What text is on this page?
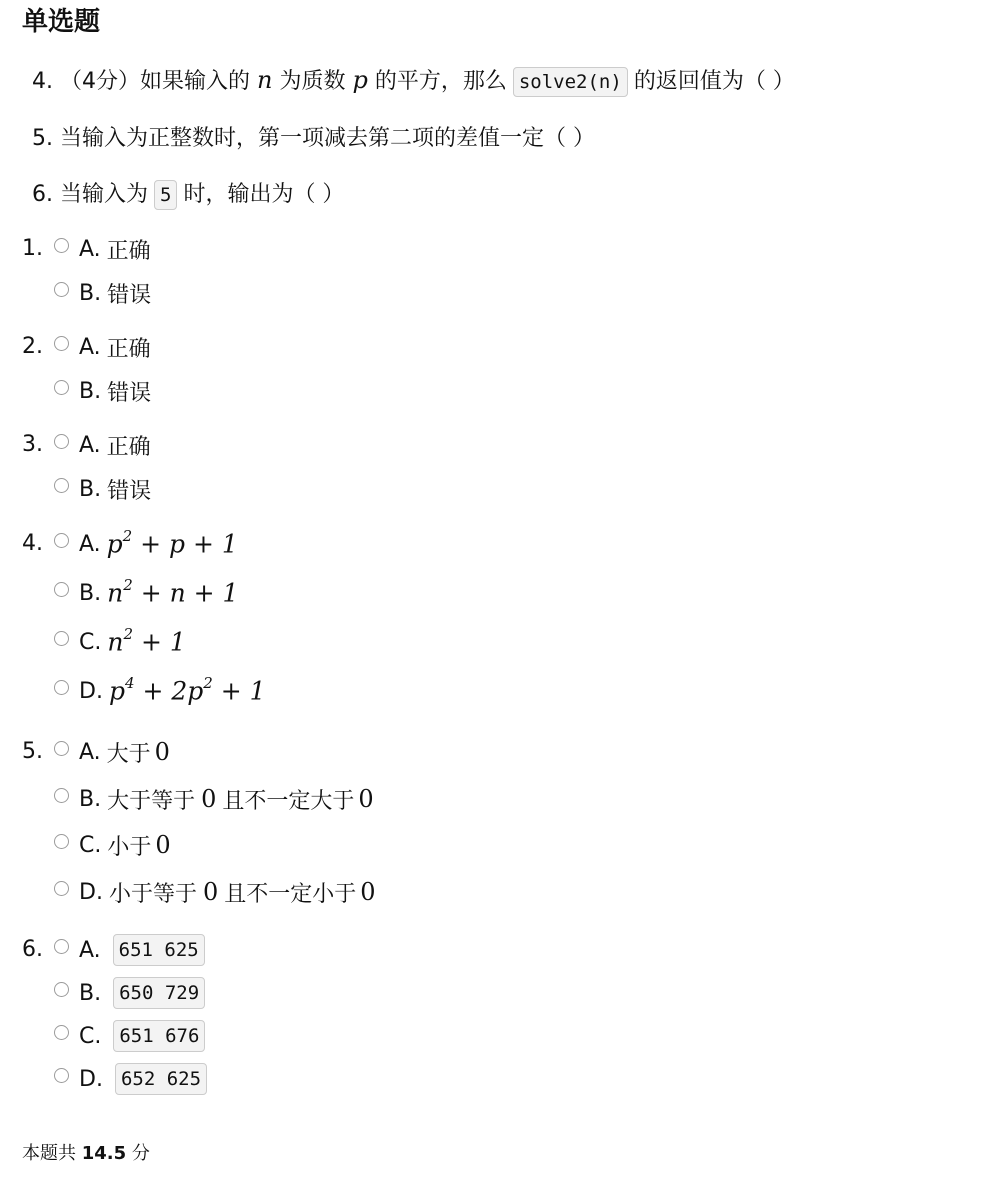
单选题
4. （4分）如果输入的 n 为质数 p 的平方，那么 solve2(n) 的返回值为（ ）
5. 当输入为正整数时，第一项减去第二项的差值一定（ ）
6. 当输入为 5 时，输出为（ ）
1. A. 正确
B. 错误
2. A. 正确
B. 错误
3. A. 正确
B. 错误
4. A. $p^2 + p + 1$
B. $n^2 + n + 1$
C. $n^2 + 1$
D. $p^4 + 2p^2 + 1$
5. A. 大于 0
B. 大于等于 0 且不一定大于 0
C. 小于 0
D. 小于等于 0 且不一定小于 0
6. A. 651 625
B. 650 729
C. 651 676
D. 652 625
本题共 14.5 分
